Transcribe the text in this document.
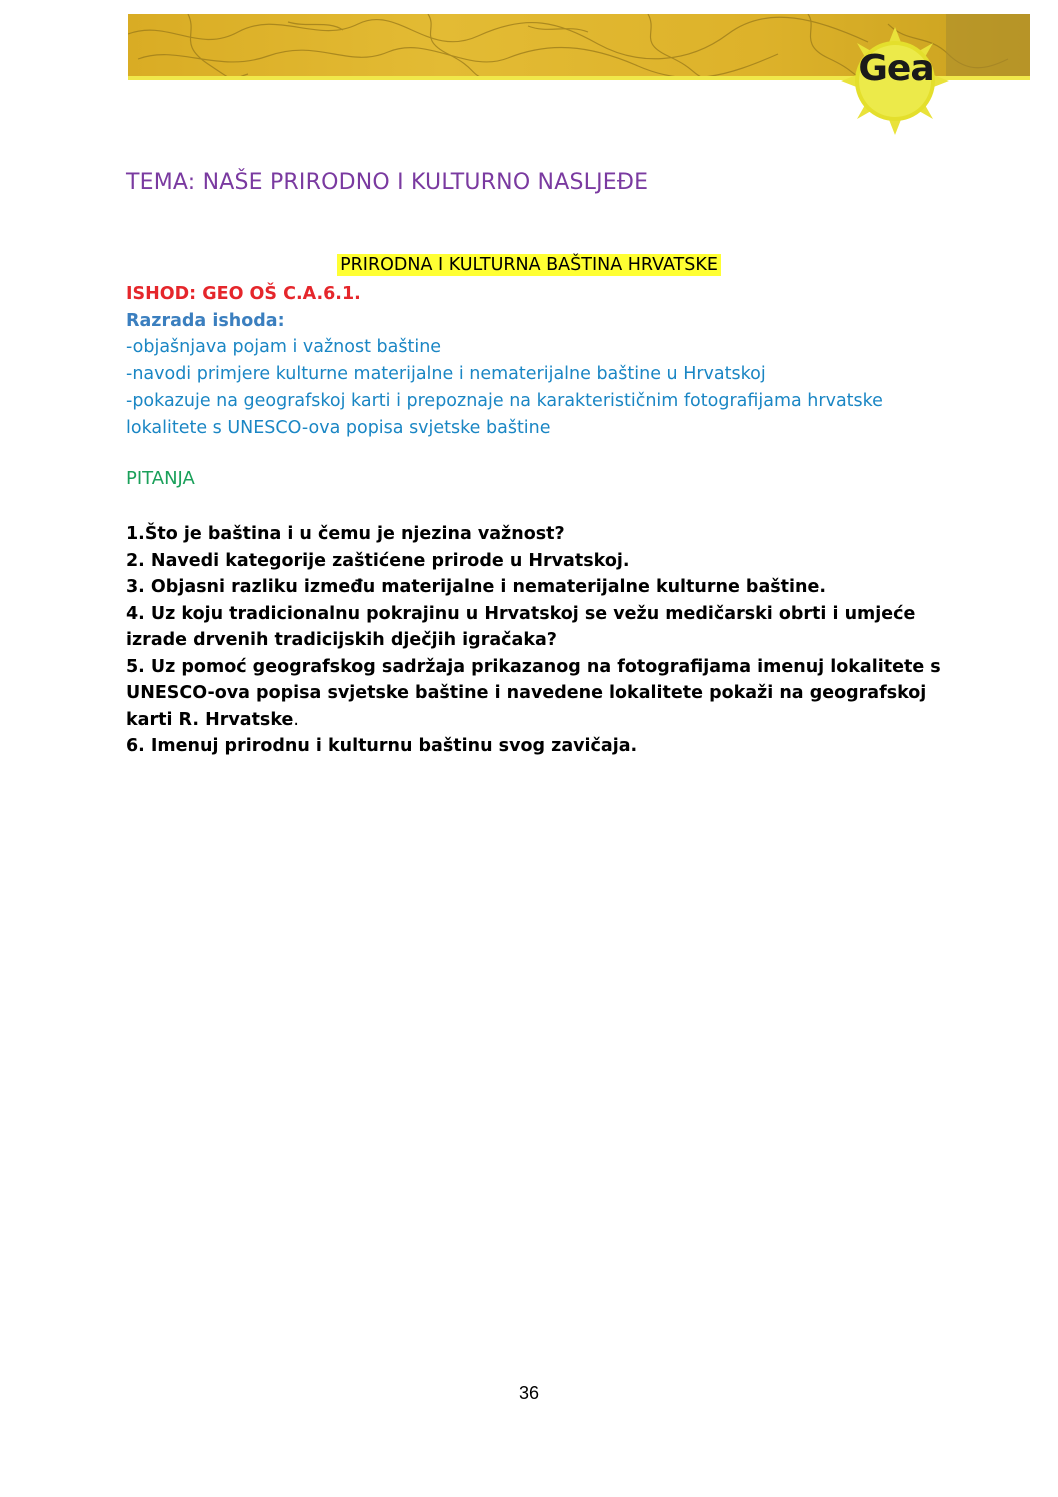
Gea
TEMA: NAŠE PRIRODNO I KULTURNO NASLJEĐE
PRIRODNA I KULTURNA BAŠTINA HRVATSKE
ISHOD: GEO OŠ C.A.6.1.
Razrada ishoda:
-objašnjava pojam i važnost baštine
-navodi primjere kulturne materijalne i nematerijalne baštine u Hrvatskoj
-pokazuje na geografskoj karti i prepoznaje na karakterističnim fotografijama hrvatske
lokalitete s UNESCO-ova popisa svjetske baštine
PITANJA
1.Što je baština i u čemu je njezina važnost?
2. Navedi kategorije zaštićene prirode u Hrvatskoj.
3. Objasni razliku između materijalne i nematerijalne kulturne baštine.
4. Uz koju tradicionalnu pokrajinu u Hrvatskoj se vežu medičarski obrti i umjeće
izrade drvenih tradicijskih dječjih igračaka?
5. Uz pomoć geografskog sadržaja prikazanog na fotografijama imenuj lokalitete s
UNESCO-ova popisa svjetske baštine i navedene lokalitete pokaži na geografskoj
karti R. Hrvatske.
6. Imenuj prirodnu i kulturnu baštinu svog zavičaja.
36
